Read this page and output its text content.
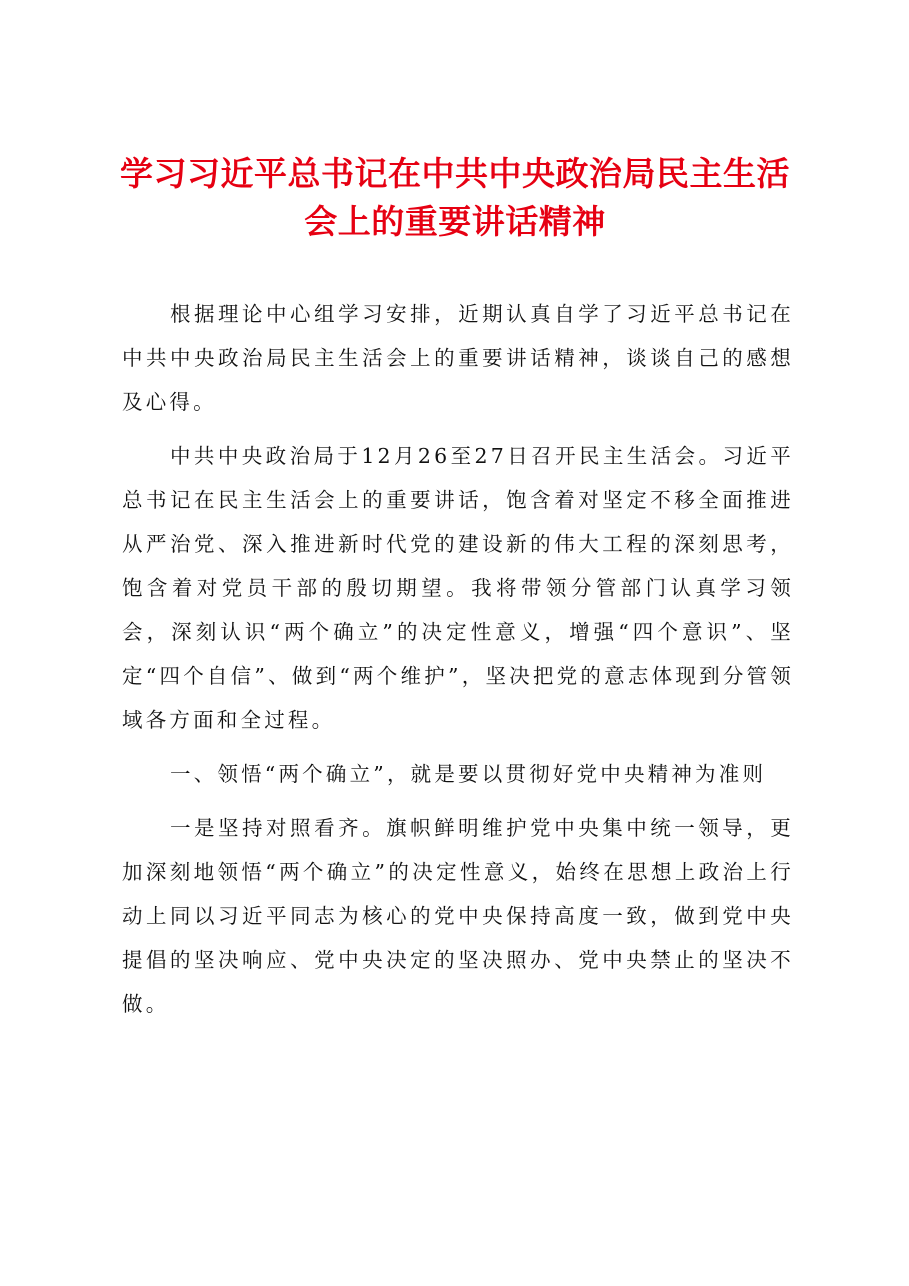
学习习近平总书记在中共中央政治局民主生活
会上的重要讲话精神

根据理论中心组学习安排，近期认真自学了习近平总书记在中共中央政治局民主生活会上的重要讲话精神，谈谈自己的感想及心得。

中共中央政治局于12月26至27日召开民主生活会。习近平总书记在民主生活会上的重要讲话，饱含着对坚定不移全面推进从严治党、深入推进新时代党的建设新的伟大工程的深刻思考，饱含着对党员干部的殷切期望。我将带领分管部门认真学习领会，深刻认识“两个确立”的决定性意义，增强“四个意识”、坚定“四个自信”、做到“两个维护”，坚决把党的意志体现到分管领域各方面和全过程。

一、领悟“两个确立”，就是要以贯彻好党中央精神为准则

一是坚持对照看齐。旗帜鲜明维护党中央集中统一领导，更加深刻地领悟“两个确立”的决定性意义，始终在思想上政治上行动上同以习近平同志为核心的党中央保持高度一致，做到党中央提倡的坚决响应、党中央决定的坚决照办、党中央禁止的坚决不做。
